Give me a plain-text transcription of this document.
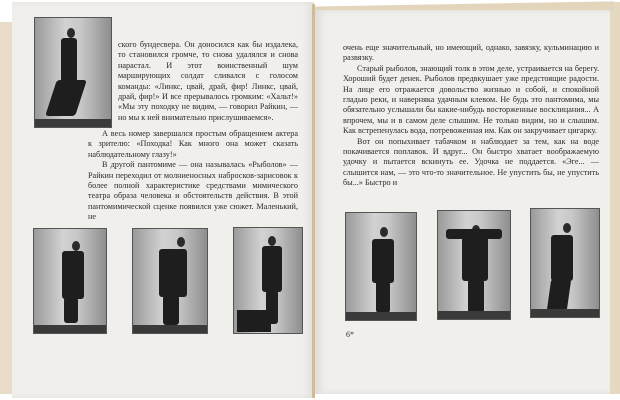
ского бундесвера. Он доносился как бы издалека, то становился громче, то снова удалялся и снова нарастал. И этот воинственный шум марширующих солдат сливался с голосом команды: «Линкс, цвай, драй, фир! Линкс, цвай, драй, фир!» И все прерывалось громким: «Хальт!» «Мы эту походку не видим, — говорил Райкин, — но мы к ней внимательно прислушиваемся».

А весь номер завершался простым обращением актера к зрителю: «Походка! Как много она может сказать наблюдательному глазу!»

В другой пантомиме — она называлась «Рыболов» — Райкин переходил от молниеносных набросков-зарисовок к более полной характеристике средствами мимического театра образа человека и обстоятельств действия. В этой пантомимической сценке появился уже сюжет. Маленький, не

очень еще значительный, но имеющий, однако, завязку, кульминацию и развязку.

Старый рыболов, знающий толк в этом деле, устраивается на берегу. Хороший будет денек. Рыболов предвкушает уже предстоящие радости. На лице его отражается довольство жизнью и собой, и спокойной гладью реки, и наверняка удачным клевом. Не будь это пантомима, мы обязательно услышали бы какие-нибудь восторженные восклицания... А впрочем, мы и в самом деле слышим. Не только видим, но и слышим. Как встрепенулась вода, потревоженная им. Как он закручивает цигарку.

Вот он попыхивает табачком и наблюдает за тем, как на воде покачивается поплавок. И вдруг... Он быстро хватает воображаемую удочку и пытается вскинуть ее. Удочка не поддается. «Эге... — слышится нам, — это что-то значительное. Не упустить бы, не упустить бы...» Быстро и

6*
